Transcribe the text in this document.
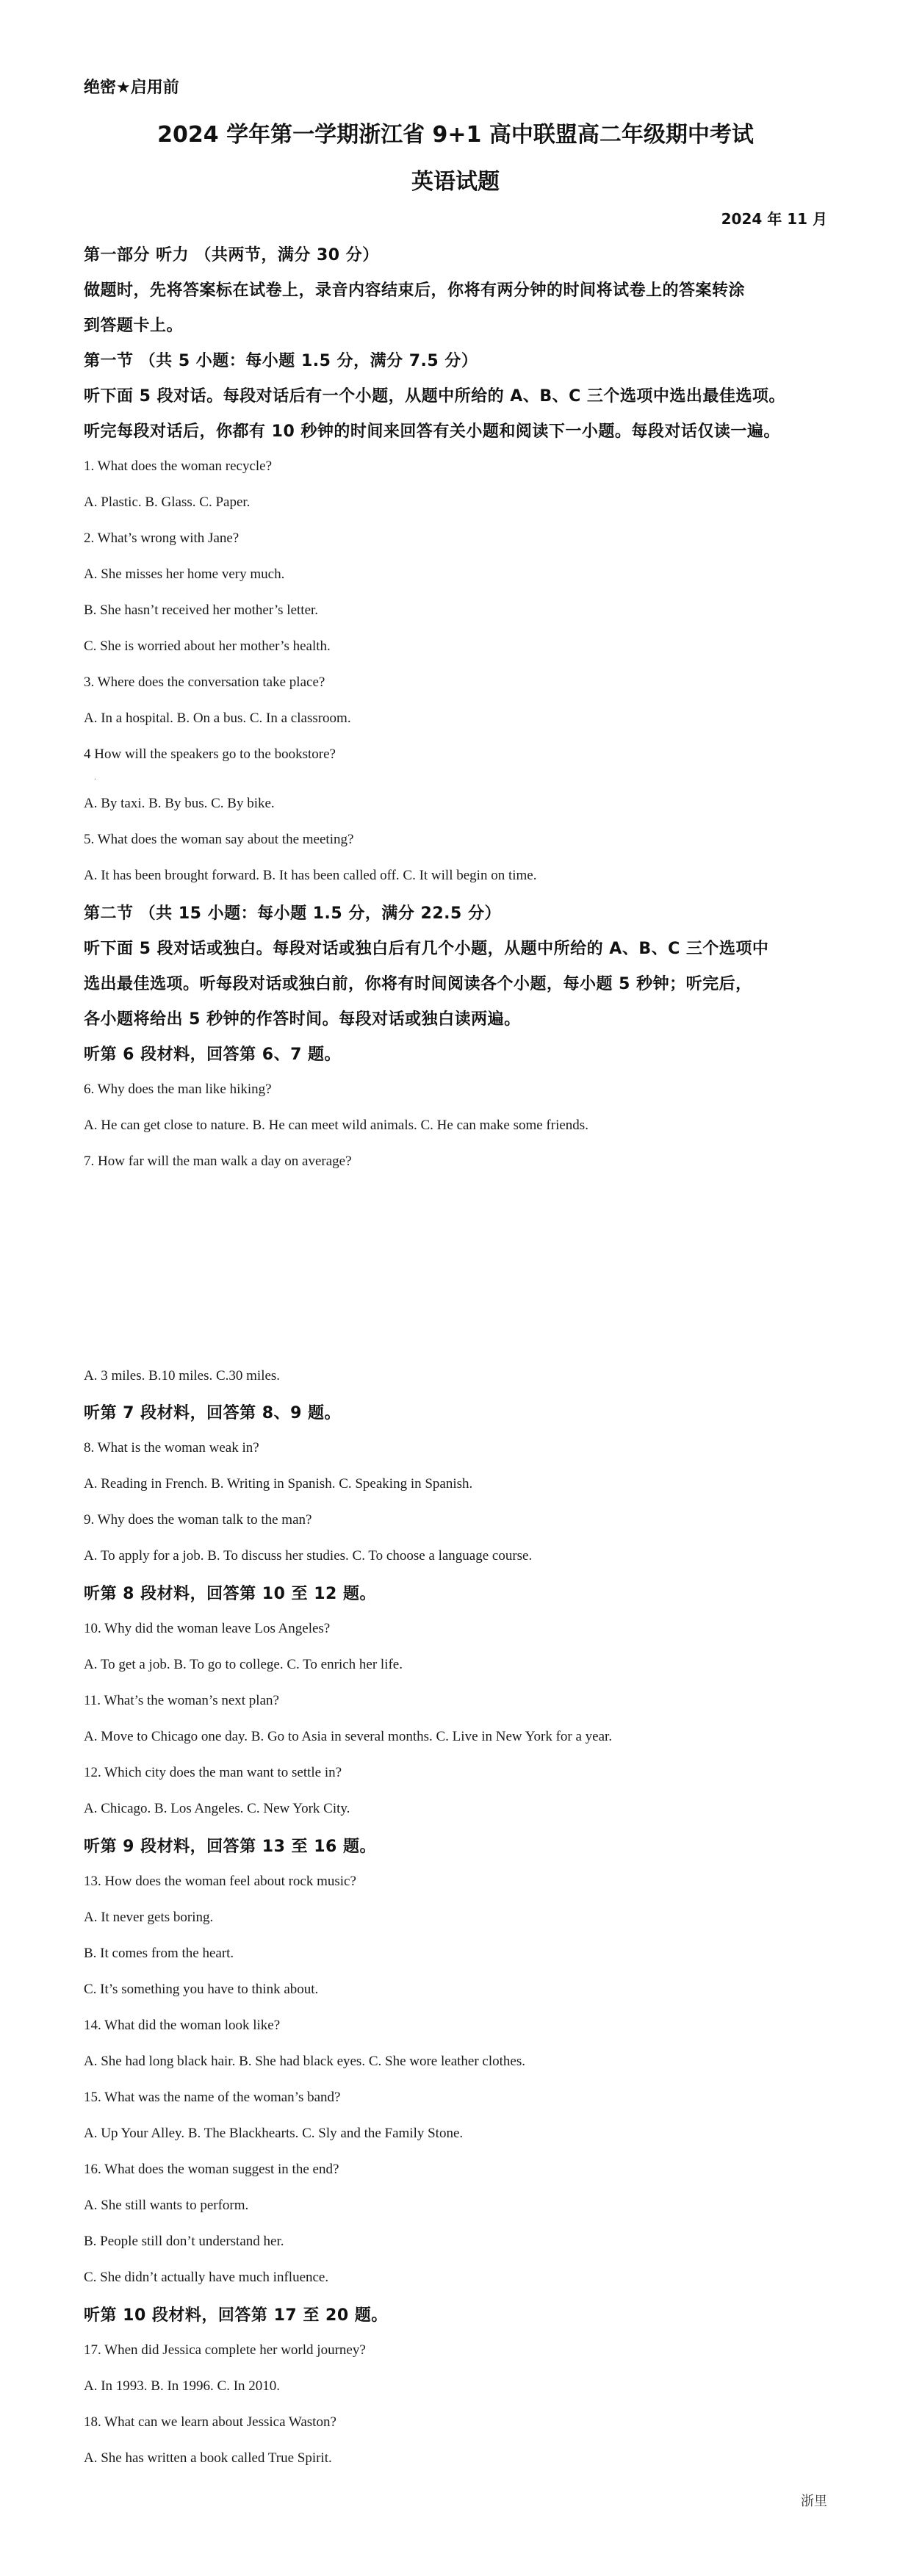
绝密★启用前
2024 学年第一学期浙江省 9+1 高中联盟高二年级期中考试
英语试题
2024 年 11 月
第一部分 听力 （共两节，满分 30 分）
做题时，先将答案标在试卷上，录音内容结束后，你将有两分钟的时间将试卷上的答案转涂
到答题卡上。
第一节 （共 5 小题：每小题 1.5 分，满分 7.5 分）
听下面 5 段对话。每段对话后有一个小题，从题中所给的 A、B、C 三个选项中选出最佳选项。
听完每段对话后，你都有 10 秒钟的时间来回答有关小题和阅读下一小题。每段对话仅读一遍。
1. What does the woman recycle?
A. Plastic. B. Glass. C. Paper.
2. What’s wrong with Jane?
A. She misses her home very much.
B. She hasn’t received her mother’s letter.
C. She is worried about her mother’s health.
3. Where does the conversation take place?
A. In a hospital. B. On a bus. C. In a classroom.
4 How will the speakers go to the bookstore?
·
A. By taxi. B. By bus. C. By bike.
5. What does the woman say about the meeting?
A. It has been brought forward. B. It has been called off. C. It will begin on time.
第二节 （共 15 小题：每小题 1.5 分，满分 22.5 分）
听下面 5 段对话或独白。每段对话或独白后有几个小题，从题中所给的 A、B、C 三个选项中
选出最佳选项。听每段对话或独白前，你将有时间阅读各个小题，每小题 5 秒钟；听完后，
各小题将给出 5 秒钟的作答时间。每段对话或独白读两遍。
听第 6 段材料，回答第 6、7 题。
6. Why does the man like hiking?
A. He can get close to nature. B. He can meet wild animals. C. He can make some friends.
7. How far will the man walk a day on average?
A. 3 miles. B.10 miles. C.30 miles.
听第 7 段材料，回答第 8、9 题。
8. What is the woman weak in?
A. Reading in French. B. Writing in Spanish. C. Speaking in Spanish.
9. Why does the woman talk to the man?
A. To apply for a job. B. To discuss her studies. C. To choose a language course.
听第 8 段材料，回答第 10 至 12 题。
10. Why did the woman leave Los Angeles?
A. To get a job. B. To go to college. C. To enrich her life.
11. What’s the woman’s next plan?
A. Move to Chicago one day. B. Go to Asia in several months. C. Live in New York for a year.
12. Which city does the man want to settle in?
A. Chicago. B. Los Angeles. C. New York City.
听第 9 段材料，回答第 13 至 16 题。
13. How does the woman feel about rock music?
A. It never gets boring.
B. It comes from the heart.
C. It’s something you have to think about.
14. What did the woman look like?
A. She had long black hair. B. She had black eyes. C. She wore leather clothes.
15. What was the name of the woman’s band?
A. Up Your Alley. B. The Blackhearts. C. Sly and the Family Stone.
16. What does the woman suggest in the end?
A. She still wants to perform.
B. People still don’t understand her.
C. She didn’t actually have much influence.
听第 10 段材料，回答第 17 至 20 题。
17. When did Jessica complete her world journey?
A. In 1993. B. In 1996. C. In 2010.
18. What can we learn about Jessica Waston?
A. She has written a book called True Spirit.
浙里
